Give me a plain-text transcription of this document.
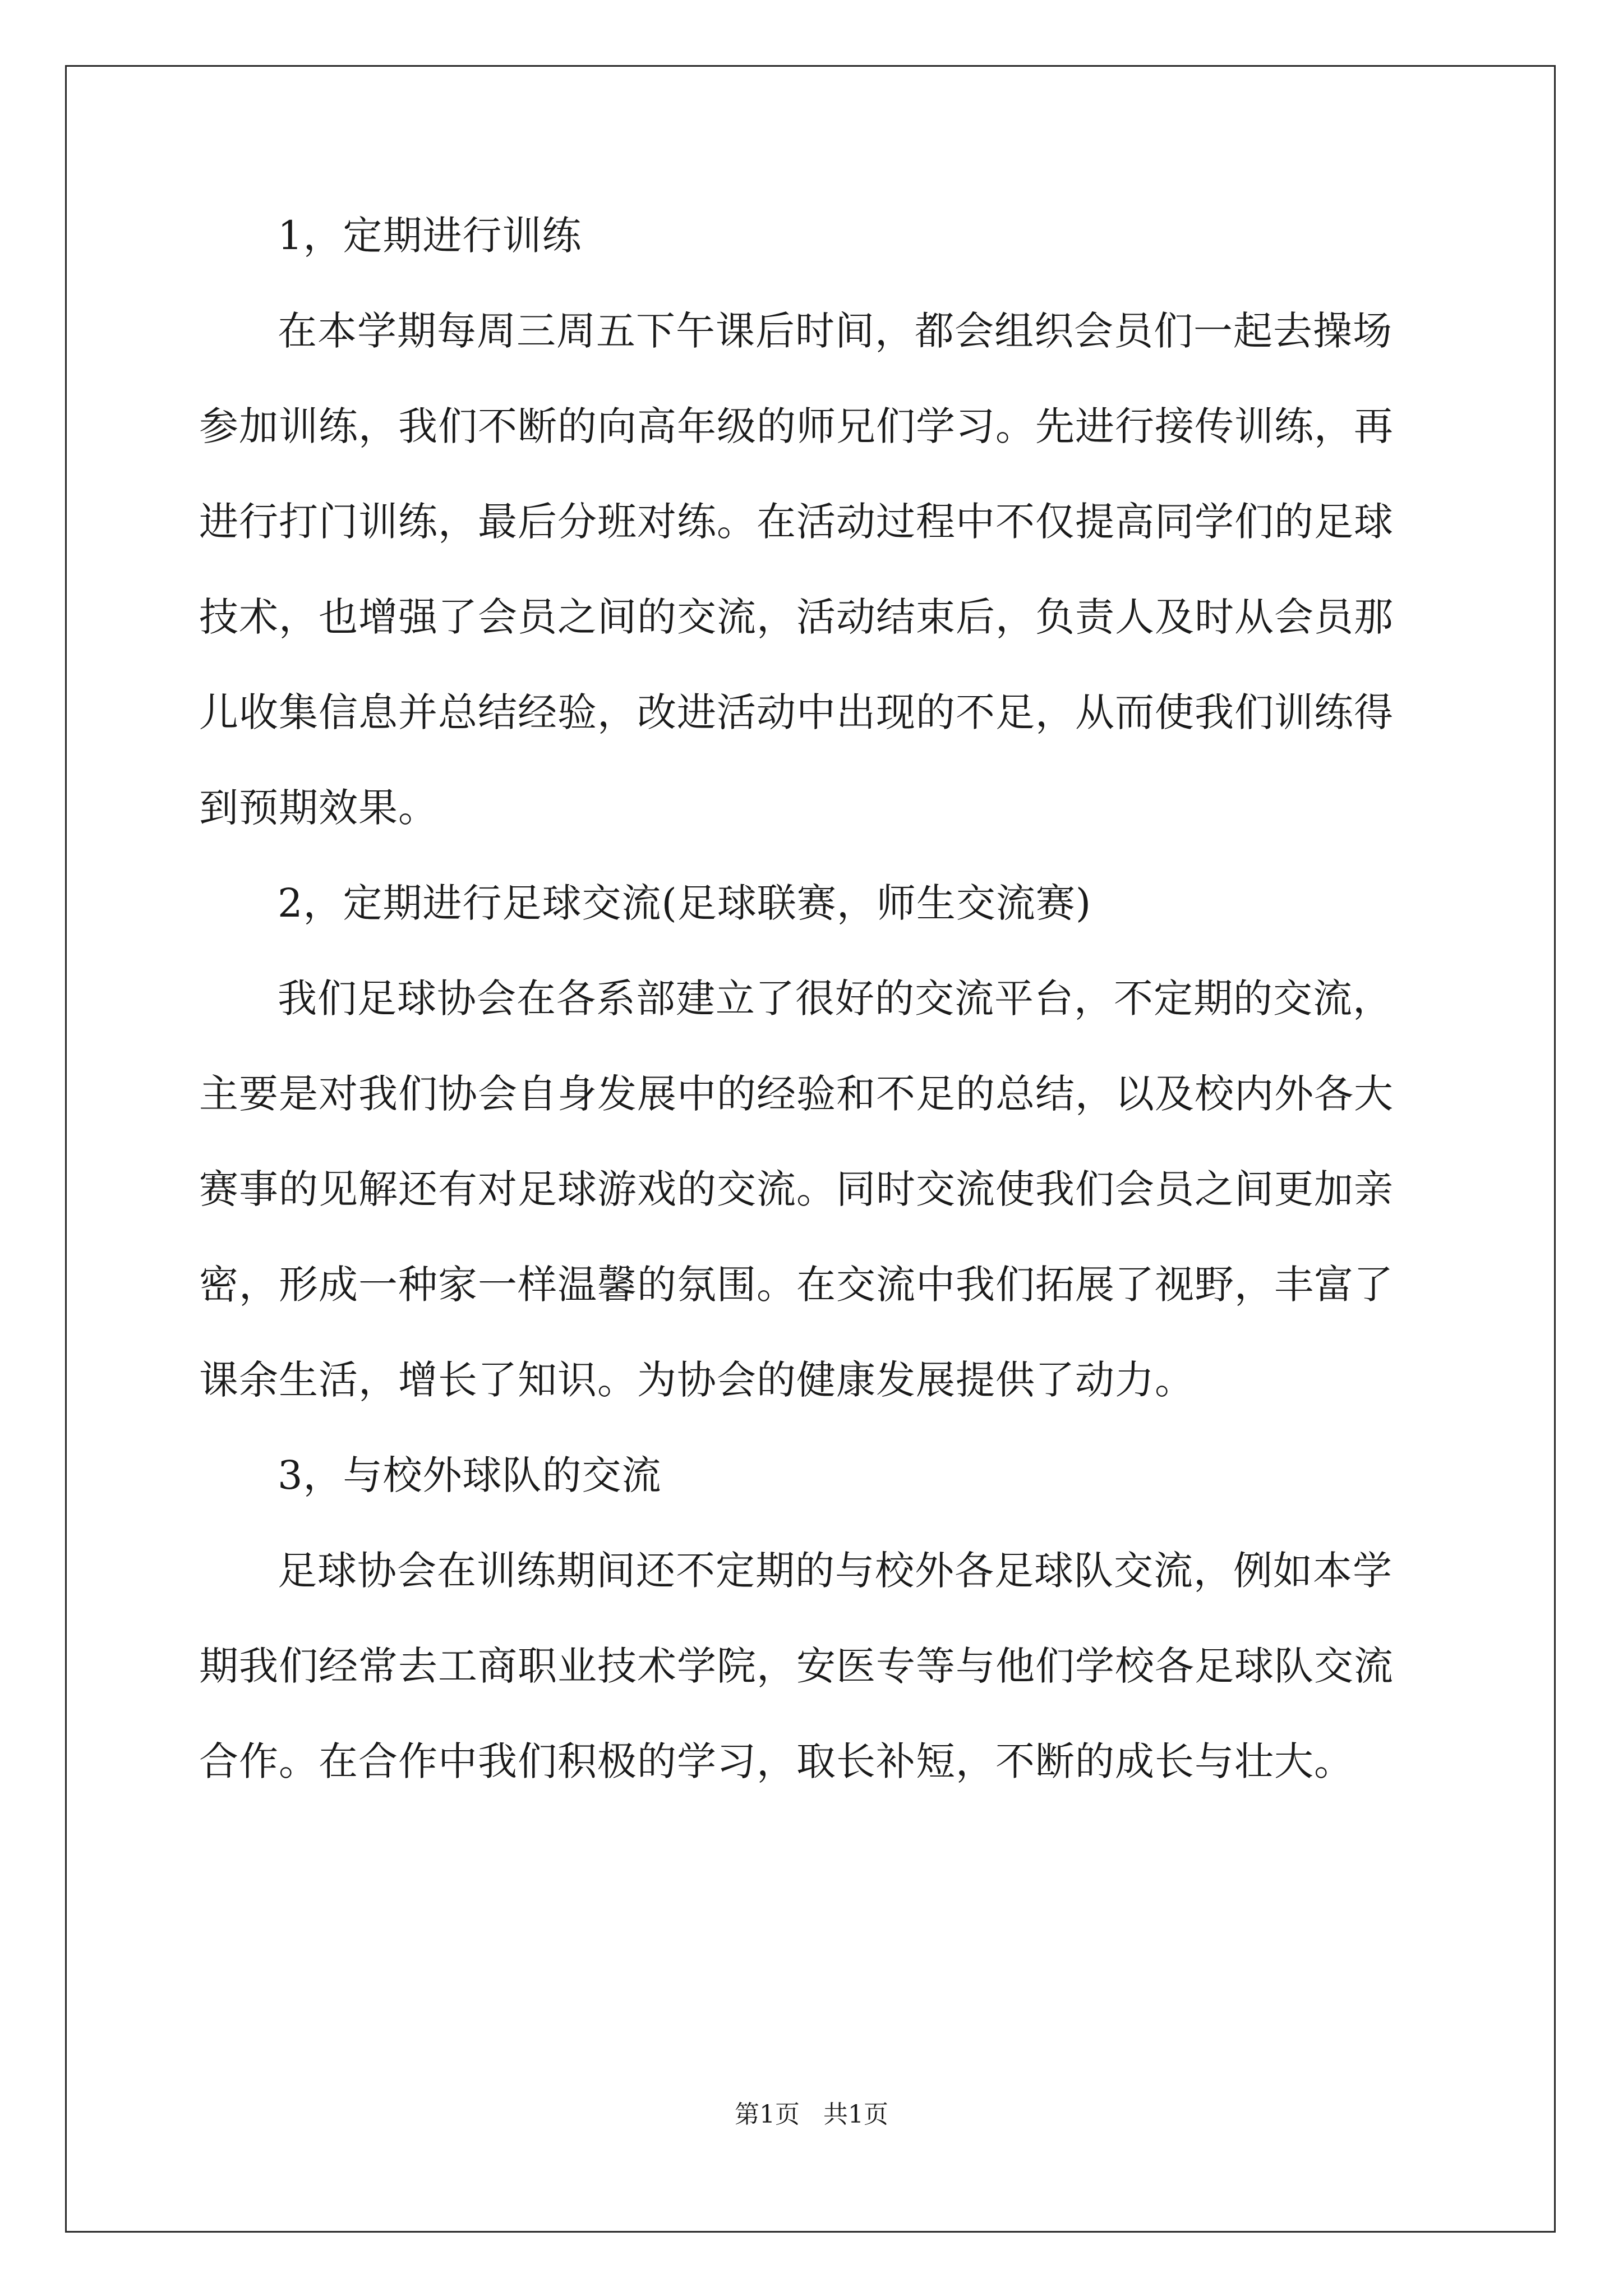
1，定期进行训练
在本学期每周三周五下午课后时间，都会组织会员们一起去操场
参加训练，我们不断的向高年级的师兄们学习。先进行接传训练，再
进行打门训练，最后分班对练。在活动过程中不仅提高同学们的足球
技术，也增强了会员之间的交流，活动结束后，负责人及时从会员那
儿收集信息并总结经验，改进活动中出现的不足，从而使我们训练得
到预期效果。
2，定期进行足球交流(足球联赛，师生交流赛)
我们足球协会在各系部建立了很好的交流平台，不定期的交流，
主要是对我们协会自身发展中的经验和不足的总结，以及校内外各大
赛事的见解还有对足球游戏的交流。同时交流使我们会员之间更加亲
密，形成一种家一样温馨的氛围。在交流中我们拓展了视野，丰富了
课余生活，增长了知识。为协会的健康发展提供了动力。
3，与校外球队的交流
足球协会在训练期间还不定期的与校外各足球队交流，例如本学
期我们经常去工商职业技术学院，安医专等与他们学校各足球队交流
合作。在合作中我们积极的学习，取长补短，不断的成长与壮大。
第1页   共1页
